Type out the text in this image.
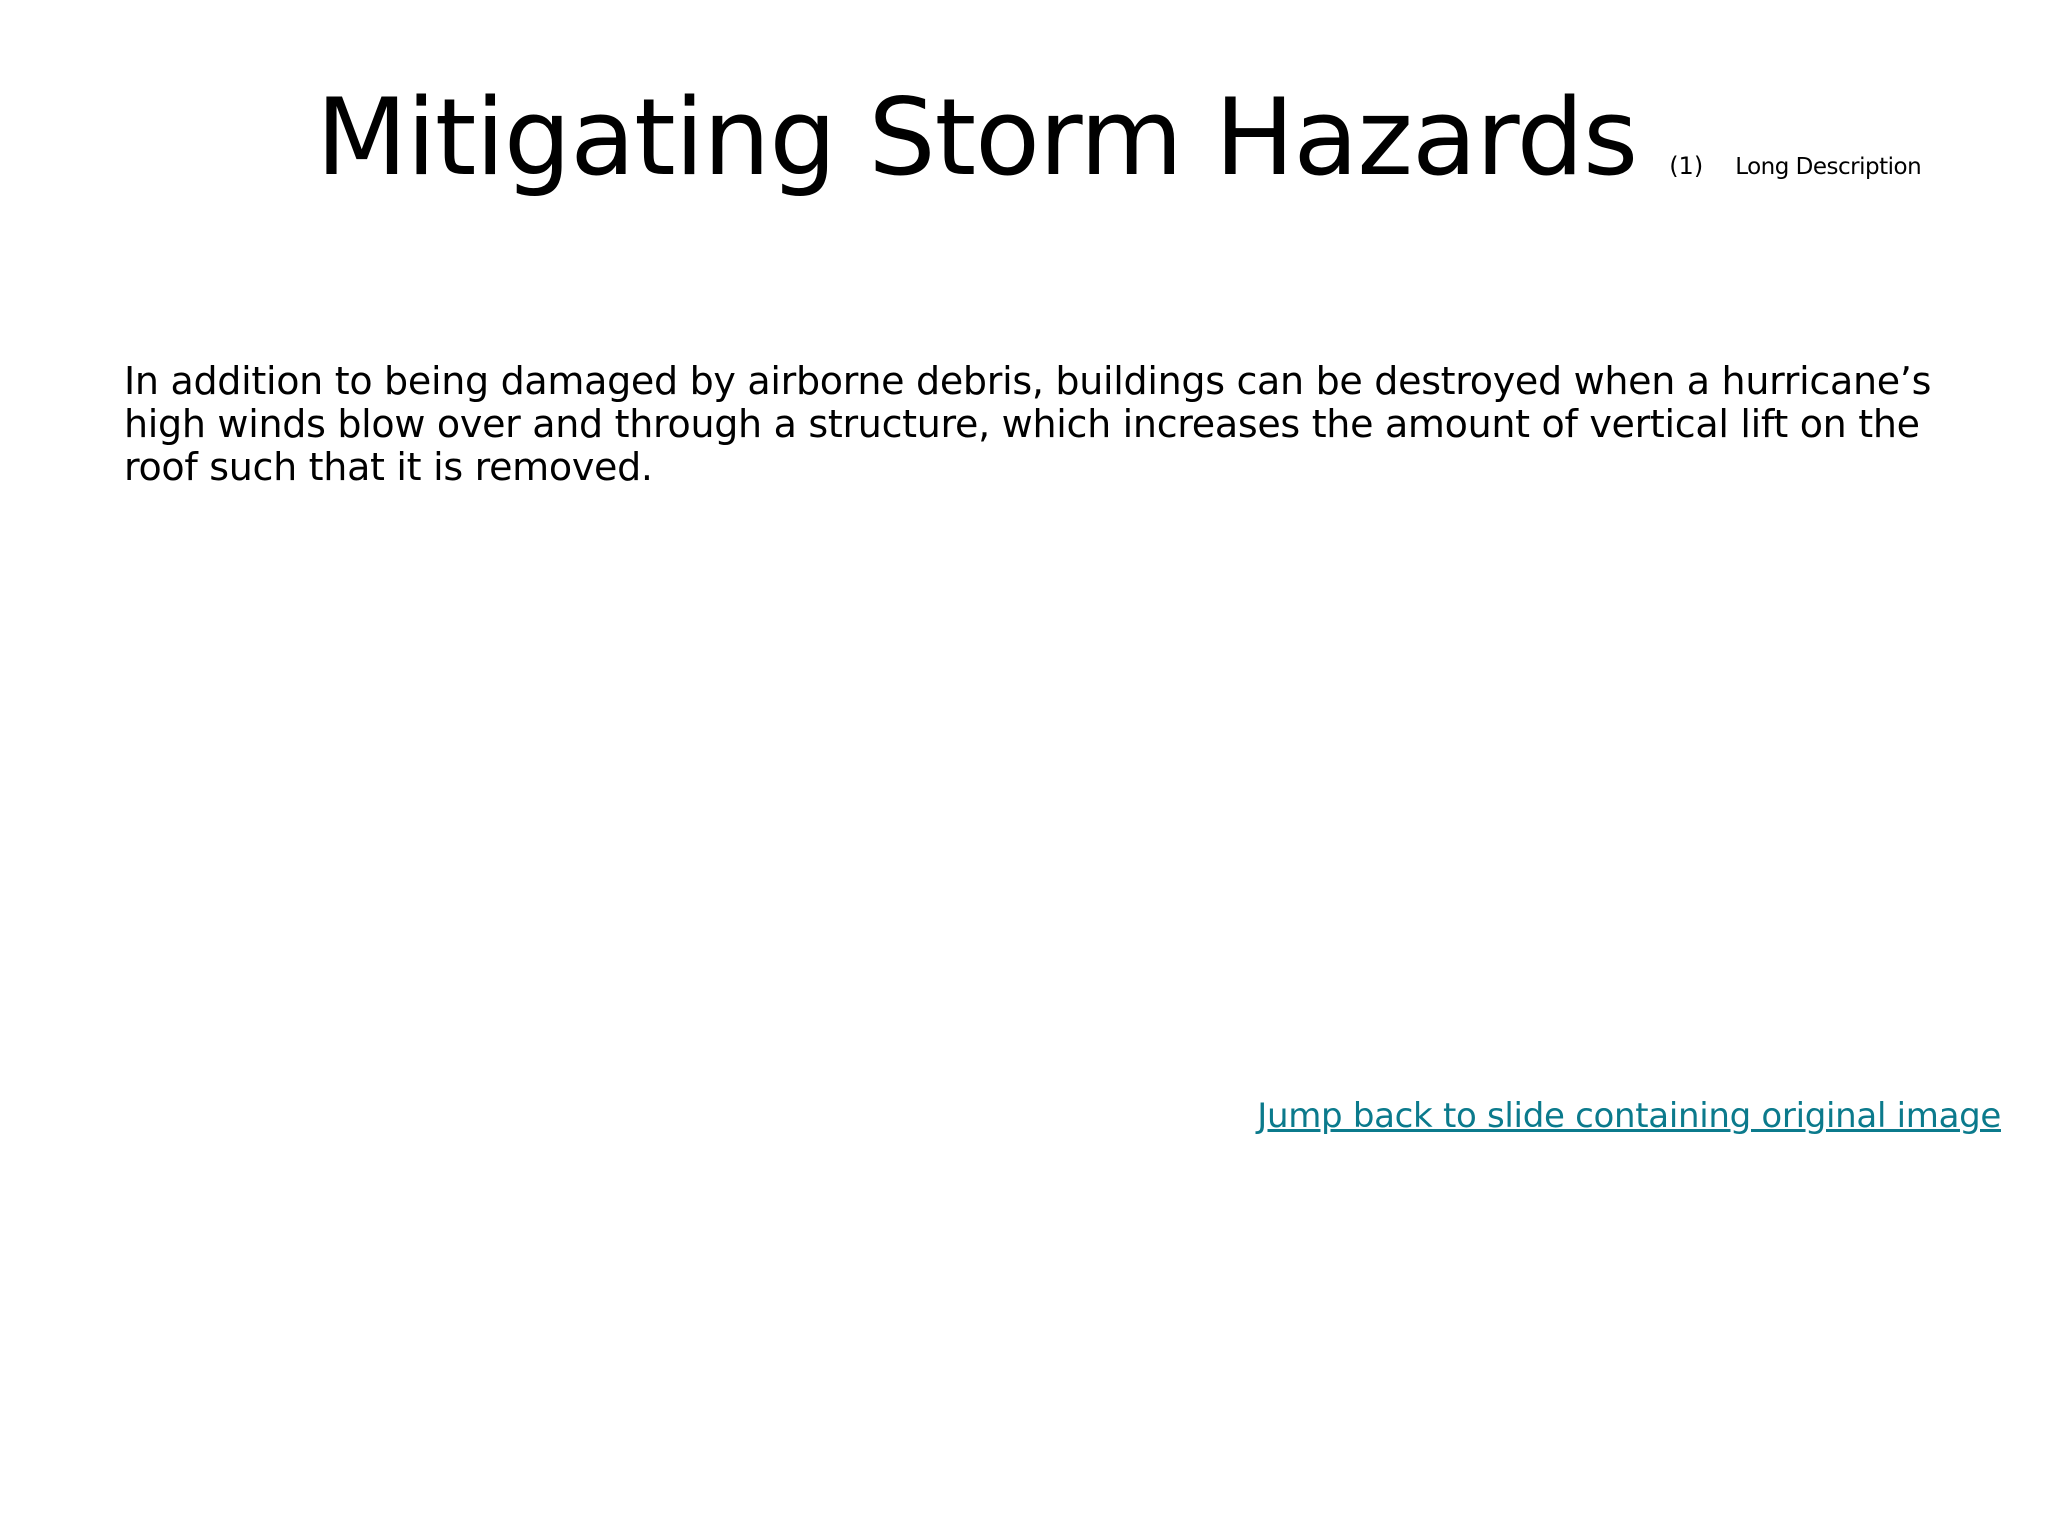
Mitigating Storm Hazards (1) Long Description

In addition to being damaged by airborne debris, buildings can be destroyed when a hurricane’s high winds blow over and through a structure, which increases the amount of vertical lift on the roof such that it is removed.

Jump back to slide containing original image
